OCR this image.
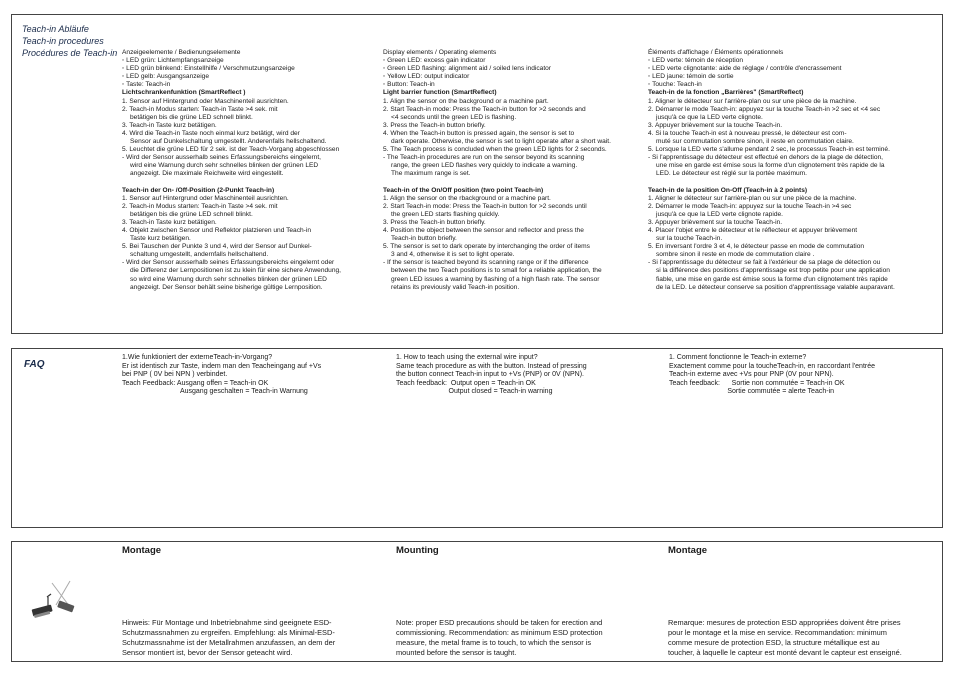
Teach-in Abläufe
Teach-in procedures
Procédures de Teach-in Anzeigeelemente / Bedienungselemente
◦ LED grün: Lichtempfangsanzeige
◦ LED grün blinkend: Einstellhilfe / Verschmutzungsanzeige
◦ LED gelb: Ausgangsanzeige
◦ Taste: Teach-in
Lichtschrankenfunktion (SmartReflect )
1. Sensor auf Hintergrund oder Maschinenteil ausrichten.
2. Teach-in Modus starten: Teach-in Taste >4 sek. mit
betätigen bis die grüne LED schnell blinkt.
3. Teach-in Taste kurz betätigen.
4. Wird die Teach-in Taste noch einmal kurz betätigt, wird der
Sensor auf Dunkelschaltung umgestellt. Anderenfalls hellschaltend.
5. Leuchtet die grüne LED für 2 sek. ist der Teach-Vorgang abgeschlossen
- Wird der Sensor ausserhalb seines Erfassungsbereichs eingelernt,
wird eine Warnung durch sehr schnelles blinken der grünen LED
angezeigt. Die maximale Reichweite wird eingestellt.
Teach-in der On- /Off-Position (2-Punkt Teach-in)
1. Sensor auf Hintergrund oder Maschinenteil ausrichten.
2. Teach-in Modus starten: Teach-in Taste >4 sek. mit
betätigen bis die grüne LED schnell blinkt.
3. Teach-in Taste kurz betätigen.
4. Objekt zwischen Sensor und Reflektor platzieren und Teach-in
Taste kurz betätigen.
5. Bei Tauschen der Punkte 3 und 4, wird der Sensor auf Dunkel-
schaltung umgestellt, andernfalls hellschaltend.
- Wird der Sensor ausserhalb seines Erfassungsbereichs eingelernt oder
die Differenz der Lernpositionen ist zu klein für eine sichere Anwendung,
so wird eine Warnung durch sehr schnelles blinken der grünen LED
angezeigt. Der Sensor behält seine bisherige gültige Lernposition.
Display elements / Operating elements
◦ Green LED: excess gain indicator
◦ Green LED flashing: alignment aid / soiled lens indicator
◦ Yellow LED: output indicator
◦ Button: Teach-in
Light barrier function (SmartReflect)
1. Align the sensor on the background or a machine part.
2. Start Teach-in mode: Press the Teach-in button for >2 seconds and
<4 seconds until the green LED is flashing.
3. Press the Teach-in button briefly.
4. When the Teach-in button is pressed again, the sensor is set to
dark operate. Otherwise, the sensor is set to light operate after a short wait.
5. The Teach process is concluded when the green LED lights for 2 seconds.
- The Teach-in procedures are run on the sensor beyond its scanning
range, the green LED flashes very quickly to indicate a warning.
The maximum range is set.
Teach-in of the On/Off position (two point Teach-in)
1. Align the sensor on the rbackground or a machine part.
2. Start Teach-in mode: Press the Teach-in button for >2 seconds until
the green LED starts flashing quickly.
3. Press the Teach-in button briefly.
4. Position the object between the sensor and reflector and press the
Teach-in button briefly.
5. The sensor is set to dark operate by interchanging the order of items
3 and 4, otherwise it is set to light operate.
- If the sensor is teached beyond its scanning range or if the difference
between the two Teach positions is to small for a reliable application, the
green LED issues a warning by flashing of a high flash rate. The sensor
retains its previously valid Teach-in position.
Éléments d'affichage / Éléments opérationnels
◦ LED verte: témoin de réception
◦ LED verte clignotante: aide de réglage / contrôle d'encrassement
◦ LED jaune: témoin de sortie
◦ Touche: Teach-in
Teach-in de la fonction „Barrières" (SmartReflect)
1. Aligner le détecteur sur l'arrière-plan ou sur une pièce de la machine.
2. Démarrer le mode Teach-in: appuyez sur la touche Teach-in >2 sec et <4 sec
jusqu'à ce que la LED verte clignote.
3. Appuyer brièvement sur la touche Teach-in.
4. Si la touche Teach-in est à nouveau pressé, le détecteur est com-
muté sur commutation sombre sinon, il reste en commutation claire.
5. Lorsque la LED verte s'allume pendant 2 sec, le processus Teach-in est terminé.
- Si l'apprentissage du détecteur est effectué en dehors de la plage de détection,
une mise en garde est émise sous la forme d'un clignotement très rapide de la
LED. Le détecteur est réglé sur la portée maximum.
Teach-in de la position On-Off (Teach-in à 2 points)
1. Aligner le détecteur sur l'arrière-plan ou sur une pièce de la machine.
2. Démarrer le mode Teach-in: appuyez sur la touche Teach-in >4 sec
jusqu'à ce que la LED verte clignote rapide.
3. Appuyer brièvement sur la touche Teach-in.
4. Placer l'objet entre le détecteur et le réflecteur et appuyer brièvement
sur la touche Teach-in.
5. En inversant l'ordre 3 et 4, le détecteur passe en mode de commutation
sombre sinon il reste en mode de commutation claire .
- Si l'apprentissage du détecteur se fait à l'extérieur de sa plage de détection ou
si la différence des positions d'apprentissage est trop petite pour une application
fiable, une mise en garde est émise sous la forme d'un clignotement très rapide
de la LED. Le détecteur conserve sa position d'apprentissage valable auparavant.
FAQ
1.Wie funktioniert der externeTeach-in-Vorgang?
Er ist identisch zur Taste, indem man den Teacheingang auf +Vs
bei PNP ( 0V bei NPN ) verbindet.
Teach Feedback: Ausgang offen = Teach-in OK
Ausgang geschalten = Teach-in Warnung
1. How to teach using the external wire input?
Same teach procedure as with the button. Instead of pressing
the button connect Teach-in input to +Vs (PNP) or 0V (NPN).
Teach feedback:  Output open = Teach-in OK
Output closed = Teach-in warning
1. Comment fonctionne le Teach-in externe?
Exactement comme pour la toucheTeach-in, en raccordant l'entrée
Teach-in externe avec +Vs pour PNP (0V pour NPN).
Teach feedback:      Sortie non commutée = Teach-in OK
Sortie commutée = alerte Teach-in
Montage	Mounting	Montage
Hinweis: Für Montage und Inbetriebnahme sind geeignete ESD-
Schutzmassnahmen zu ergreifen. Empfehlung: als Minimal-ESD-
Schutzmassnahme ist der Metallrahmen anzufassen, an dem der
Sensor montiert ist, bevor der Sensor geteacht wird.
Note: proper ESD precautions should be taken for erection and
commissioning. Recommendation: as minimum ESD protection
measure, the metal frame is to touch, to which the sensor is
mounted before the sensor is taught.
Remarque: mesures de protection ESD appropriées doivent être prises
pour le montage et la mise en service. Recommandation: minimum
comme mesure de protection ESD, la structure métallique est au
toucher, à laquelle le capteur est monté devant le capteur est enseigné.
